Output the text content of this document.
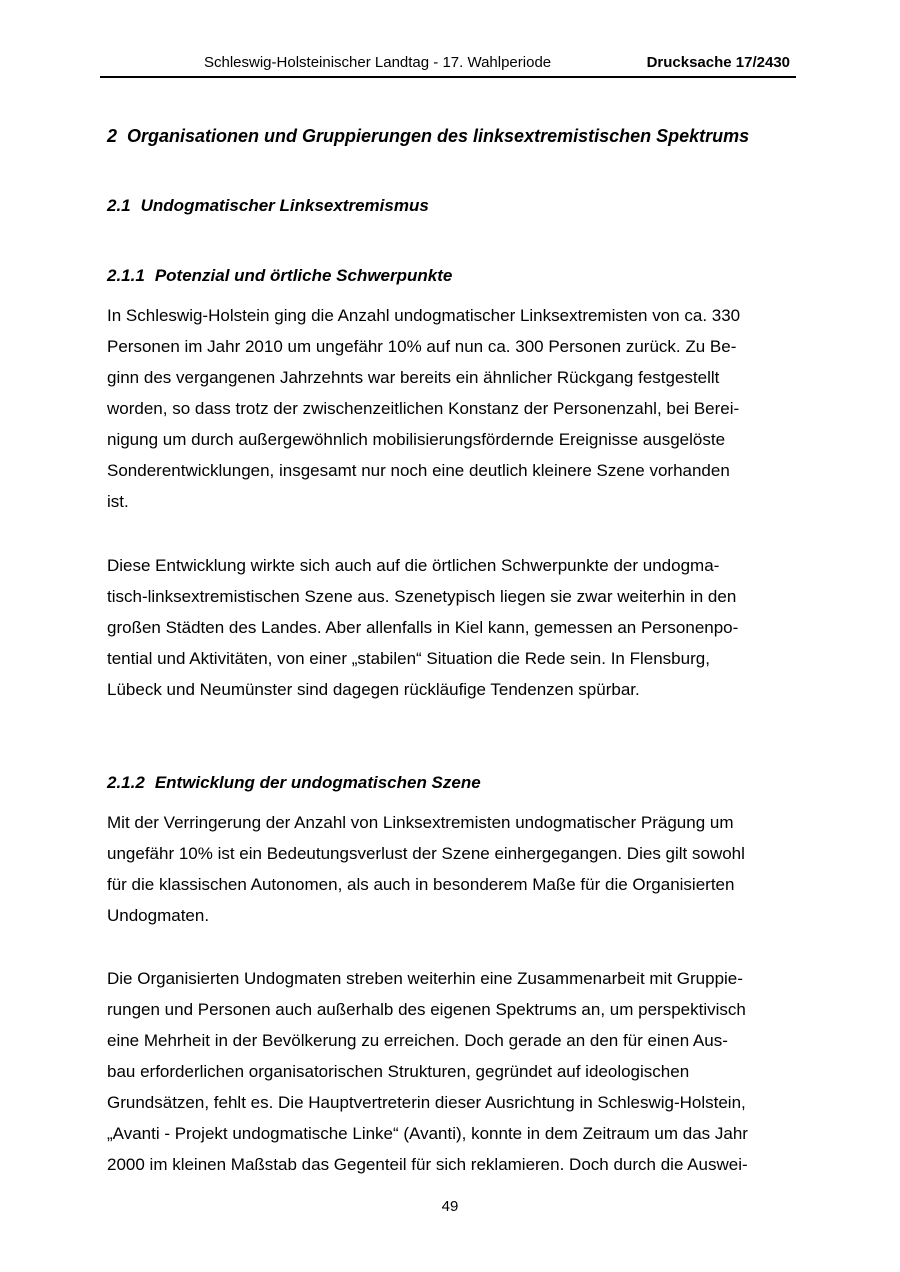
Schleswig-Holsteinischer Landtag - 17. Wahlperiode	Drucksache 17/2430
2 Organisationen und Gruppierungen des linksextremistischen Spektrums
2.1 Undogmatischer Linksextremismus
2.1.1 Potenzial und örtliche Schwerpunkte
In Schleswig-Holstein ging die Anzahl undogmatischer Linksextremisten von ca. 330
Personen im Jahr 2010 um ungefähr 10% auf nun ca. 300 Personen zurück. Zu Be-
ginn des vergangenen Jahrzehnts war bereits ein ähnlicher Rückgang festgestellt
worden, so dass trotz der zwischenzeitlichen Konstanz der Personenzahl, bei Berei-
nigung um durch außergewöhnlich mobilisierungsfördernde Ereignisse ausgelöste
Sonderentwicklungen, insgesamt nur noch eine deutlich kleinere Szene vorhanden
ist.
Diese Entwicklung wirkte sich auch auf die örtlichen Schwerpunkte der undogma-
tisch-linksextremistischen Szene aus. Szenetypisch liegen sie zwar weiterhin in den
großen Städten des Landes. Aber allenfalls in Kiel kann, gemessen an Personenpo-
tential und Aktivitäten, von einer „stabilen“ Situation die Rede sein. In Flensburg,
Lübeck und Neumünster sind dagegen rückläufige Tendenzen spürbar.
2.1.2 Entwicklung der undogmatischen Szene
Mit der Verringerung der Anzahl von Linksextremisten undogmatischer Prägung um
ungefähr 10% ist ein Bedeutungsverlust der Szene einhergegangen. Dies gilt sowohl
für die klassischen Autonomen, als auch in besonderem Maße für die Organisierten
Undogmaten.
Die Organisierten Undogmaten streben weiterhin eine Zusammenarbeit mit Gruppie-
rungen und Personen auch außerhalb des eigenen Spektrums an, um perspektivisch
eine Mehrheit in der Bevölkerung zu erreichen. Doch gerade an den für einen Aus-
bau erforderlichen organisatorischen Strukturen, gegründet auf ideologischen
Grundsätzen, fehlt es. Die Hauptvertreterin dieser Ausrichtung in Schleswig-Holstein,
„Avanti - Projekt undogmatische Linke“ (Avanti), konnte in dem Zeitraum um das Jahr
2000 im kleinen Maßstab das Gegenteil für sich reklamieren. Doch durch die Auswei-
49
